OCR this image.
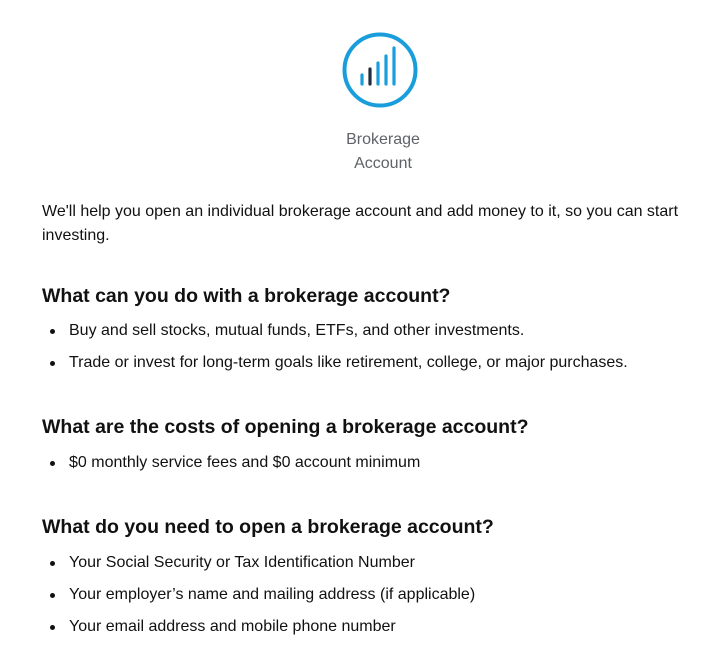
Brokerage
Account

We'll help you open an individual brokerage account and add money to it, so you can start investing.

What can you do with a brokerage account?
Buy and sell stocks, mutual funds, ETFs, and other investments.
Trade or invest for long-term goals like retirement, college, or major purchases.
What are the costs of opening a brokerage account?
$0 monthly service fees and $0 account minimum
What do you need to open a brokerage account?
Your Social Security or Tax Identification Number
Your employer’s name and mailing address (if applicable)
Your email address and mobile phone number
